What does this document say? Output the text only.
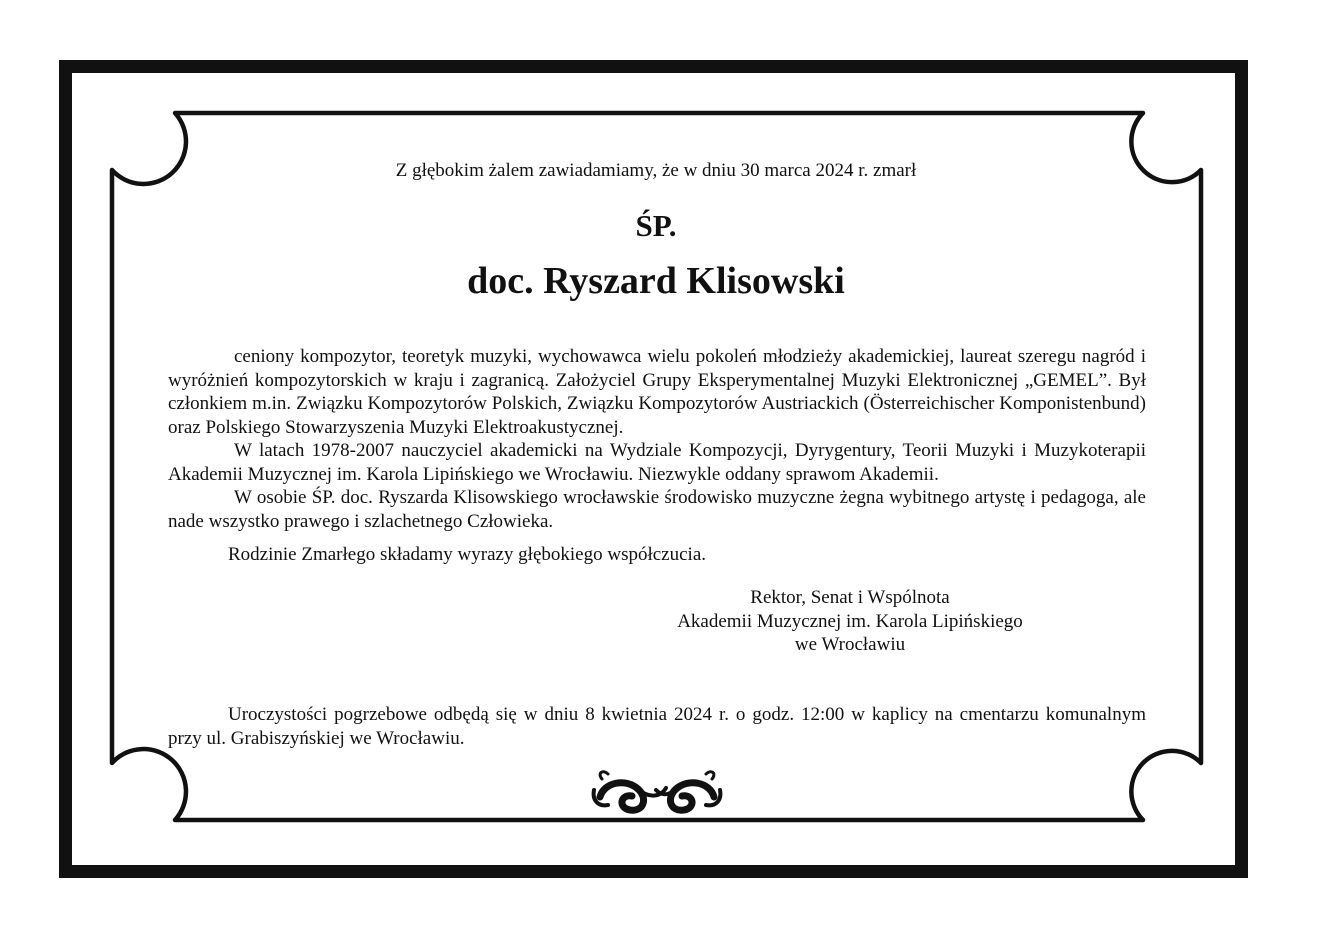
Z głębokim żalem zawiadamiamy, że w dniu 30 marca 2024 r. zmarł
ŚP.
doc. Ryszard Klisowski

ceniony kompozytor, teoretyk muzyki, wychowawca wielu pokoleń młodzieży akademickiej, laureat szeregu nagród i wyróżnień kompozytorskich w kraju i zagranicą. Założyciel Grupy Eksperymentalnej Muzyki Elektronicznej „GEMEL”. Był członkiem m.in. Związku Kompozytorów Polskich, Związku Kompozytorów Austriackich (Österreichischer Komponistenbund) oraz Polskiego Stowarzyszenia Muzyki Elektroakustycznej.

W latach 1978-2007 nauczyciel akademicki na Wydziale Kompozycji, Dyrygentury, Teorii Muzyki i Muzykoterapii Akademii Muzycznej im. Karola Lipińskiego we Wrocławiu. Niezwykle oddany sprawom Akademii.

W osobie ŚP. doc. Ryszarda Klisowskiego wrocławskie środowisko muzyczne żegna wybitnego artystę i pedagoga, ale nade wszystko prawego i szlachetnego Człowieka.

Rodzinie Zmarłego składamy wyrazy głębokiego współczucia.
Rektor, Senat i Wspólnota
Akademii Muzycznej im. Karola Lipińskiego
we Wrocławiu
Uroczystości pogrzebowe odbędą się w dniu 8 kwietnia 2024 r. o godz. 12:00 w kaplicy na cmentarzu komunalnym przy ul. Grabiszyńskiej we Wrocławiu.
